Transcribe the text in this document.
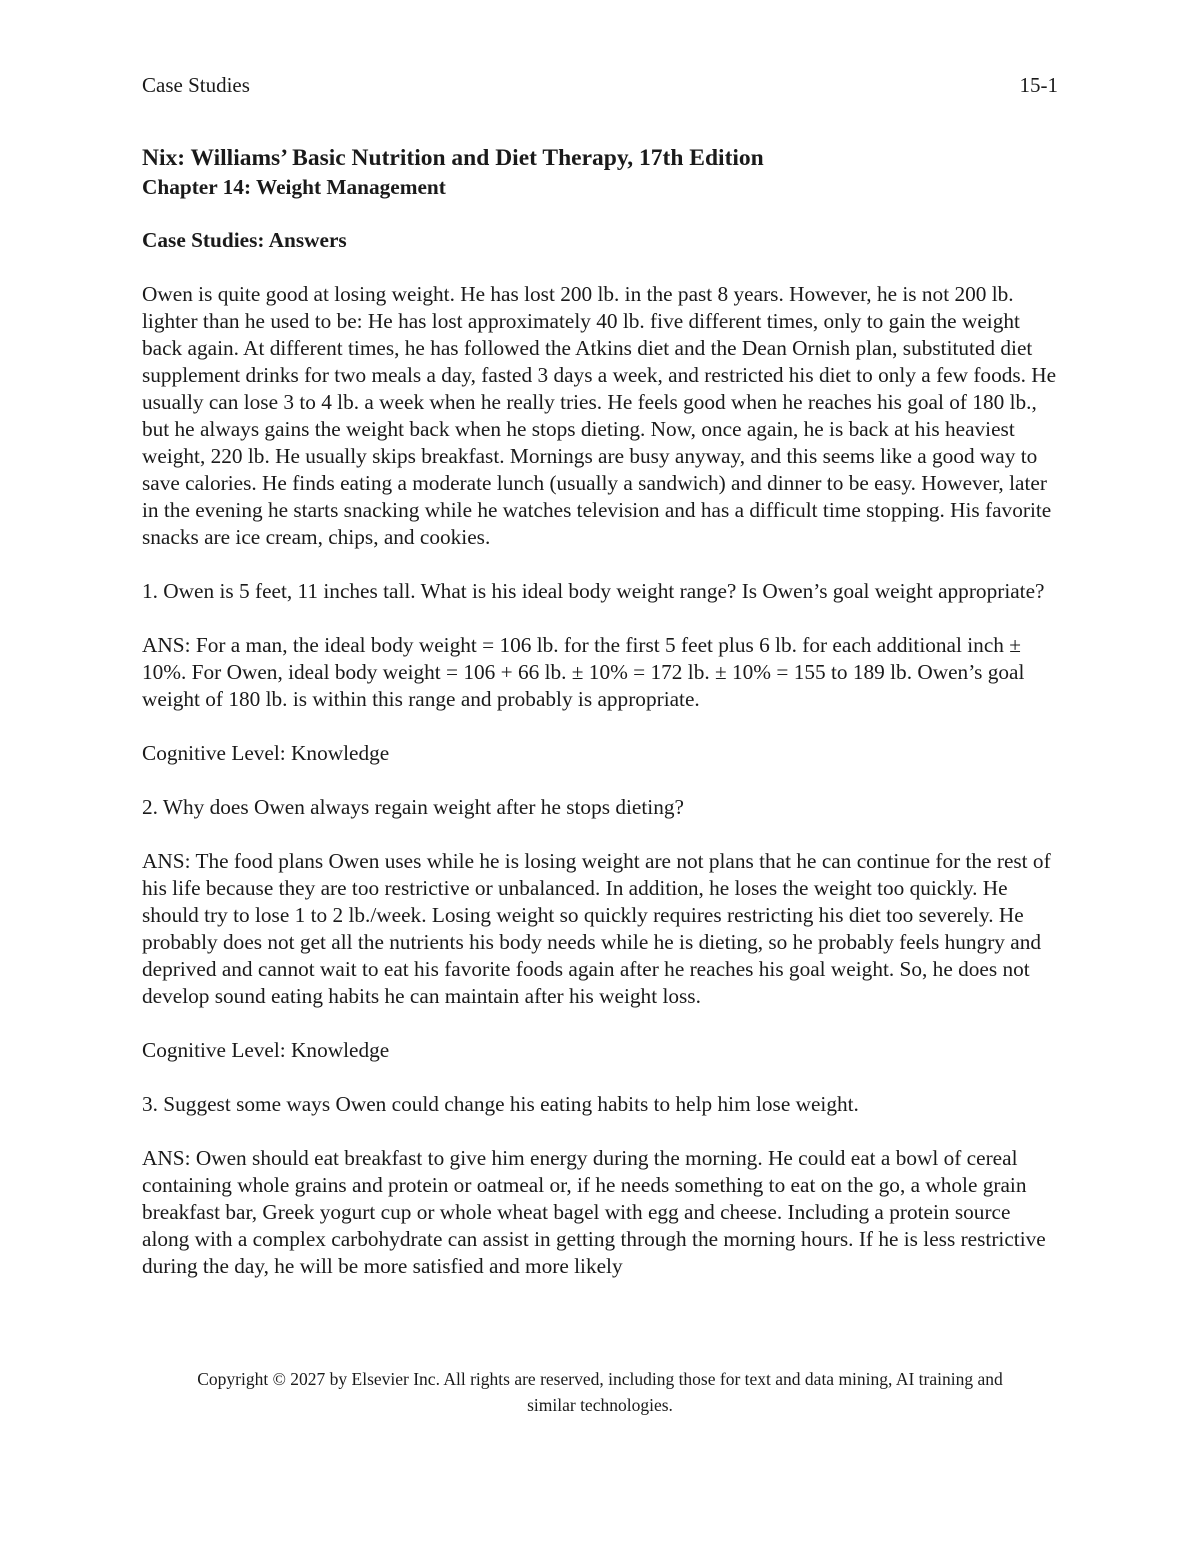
Case Studies	15-1
Nix: Williams’ Basic Nutrition and Diet Therapy, 17th Edition
Chapter 14: Weight Management
Case Studies: Answers

Owen is quite good at losing weight. He has lost 200 lb. in the past 8 years. However, he is not 200 lb. lighter than he used to be: He has lost approximately 40 lb. five different times, only to gain the weight back again. At different times, he has followed the Atkins diet and the Dean Ornish plan, substituted diet supplement drinks for two meals a day, fasted 3 days a week, and restricted his diet to only a few foods. He usually can lose 3 to 4 lb. a week when he really tries. He feels good when he reaches his goal of 180 lb., but he always gains the weight back when he stops dieting. Now, once again, he is back at his heaviest weight, 220 lb. He usually skips breakfast. Mornings are busy anyway, and this seems like a good way to save calories. He finds eating a moderate lunch (usually a sandwich) and dinner to be easy. However, later in the evening he starts snacking while he watches television and has a difficult time stopping. His favorite snacks are ice cream, chips, and cookies.

1. Owen is 5 feet, 11 inches tall. What is his ideal body weight range? Is Owen’s goal weight appropriate?

ANS: For a man, the ideal body weight = 106 lb. for the first 5 feet plus 6 lb. for each additional inch ± 10%. For Owen, ideal body weight = 106 + 66 lb. ± 10% = 172 lb. ± 10% = 155 to 189 lb. Owen’s goal weight of 180 lb. is within this range and probably is appropriate.

Cognitive Level: Knowledge

2. Why does Owen always regain weight after he stops dieting?

ANS: The food plans Owen uses while he is losing weight are not plans that he can continue for the rest of his life because they are too restrictive or unbalanced. In addition, he loses the weight too quickly. He should try to lose 1 to 2 lb./week. Losing weight so quickly requires restricting his diet too severely. He probably does not get all the nutrients his body needs while he is dieting, so he probably feels hungry and deprived and cannot wait to eat his favorite foods again after he reaches his goal weight. So, he does not develop sound eating habits he can maintain after his weight loss.

Cognitive Level: Knowledge

3. Suggest some ways Owen could change his eating habits to help him lose weight.

ANS: Owen should eat breakfast to give him energy during the morning. He could eat a bowl of cereal containing whole grains and protein or oatmeal or, if he needs something to eat on the go, a whole grain breakfast bar, Greek yogurt cup or whole wheat bagel with egg and cheese. Including a protein source along with a complex carbohydrate can assist in getting through the morning hours. If he is less restrictive during the day, he will be more satisfied and more likely

Copyright © 2027 by Elsevier Inc. All rights are reserved, including those for text and data mining, AI training and
similar technologies.
